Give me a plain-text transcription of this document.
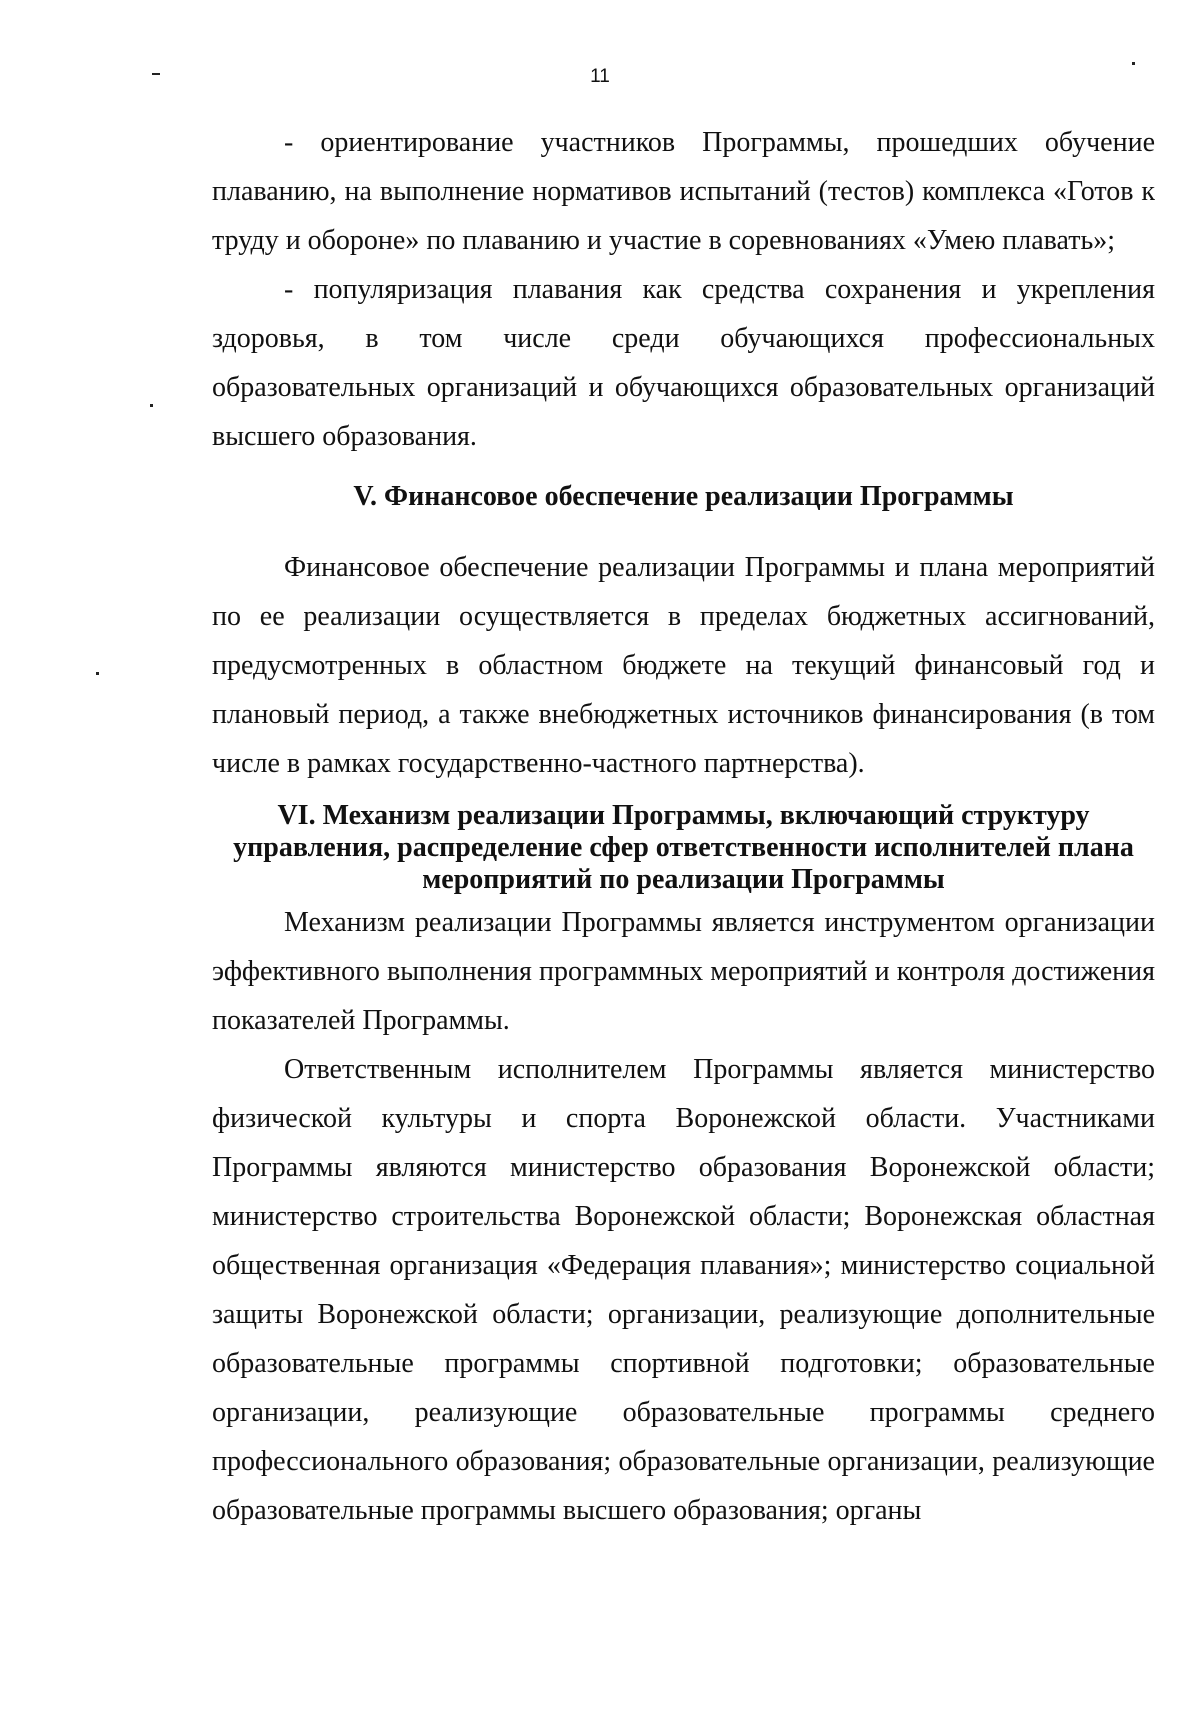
11

- ориентирование участников Программы, прошедших обучение плаванию, на выполнение нормативов испытаний (тестов) комплекса «Готов к труду и обороне» по плаванию и участие в соревнованиях «Умею плавать»;

- популяризация плавания как средства сохранения и укрепления здоровья, в том числе среди обучающихся профессиональных образовательных организаций и обучающихся образовательных организаций высшего образования.

V. Финансовое обеспечение реализации Программы

Финансовое обеспечение реализации Программы и плана мероприятий по ее реализации осуществляется в пределах бюджетных ассигнований, предусмотренных в областном бюджете на текущий финансовый год и плановый период, а также внебюджетных источников финансирования (в том числе в рамках государственно-частного партнерства).

VI. Механизм реализации Программы, включающий структуру управления, распределение сфер ответственности исполнителей плана мероприятий по реализации Программы

Механизм реализации Программы является инструментом организации эффективного выполнения программных мероприятий и контроля достижения показателей Программы.

Ответственным исполнителем Программы является министерство физической культуры и спорта Воронежской области. Участниками Программы являются министерство образования Воронежской области; министерство строительства Воронежской области; Воронежская областная общественная организация «Федерация плавания»; министерство социальной защиты Воронежской области; организации, реализующие дополнительные образовательные программы спортивной подготовки; образовательные организации, реализующие образовательные программы среднего профессионального образования; образовательные организации, реализующие образовательные программы высшего образования; органы
